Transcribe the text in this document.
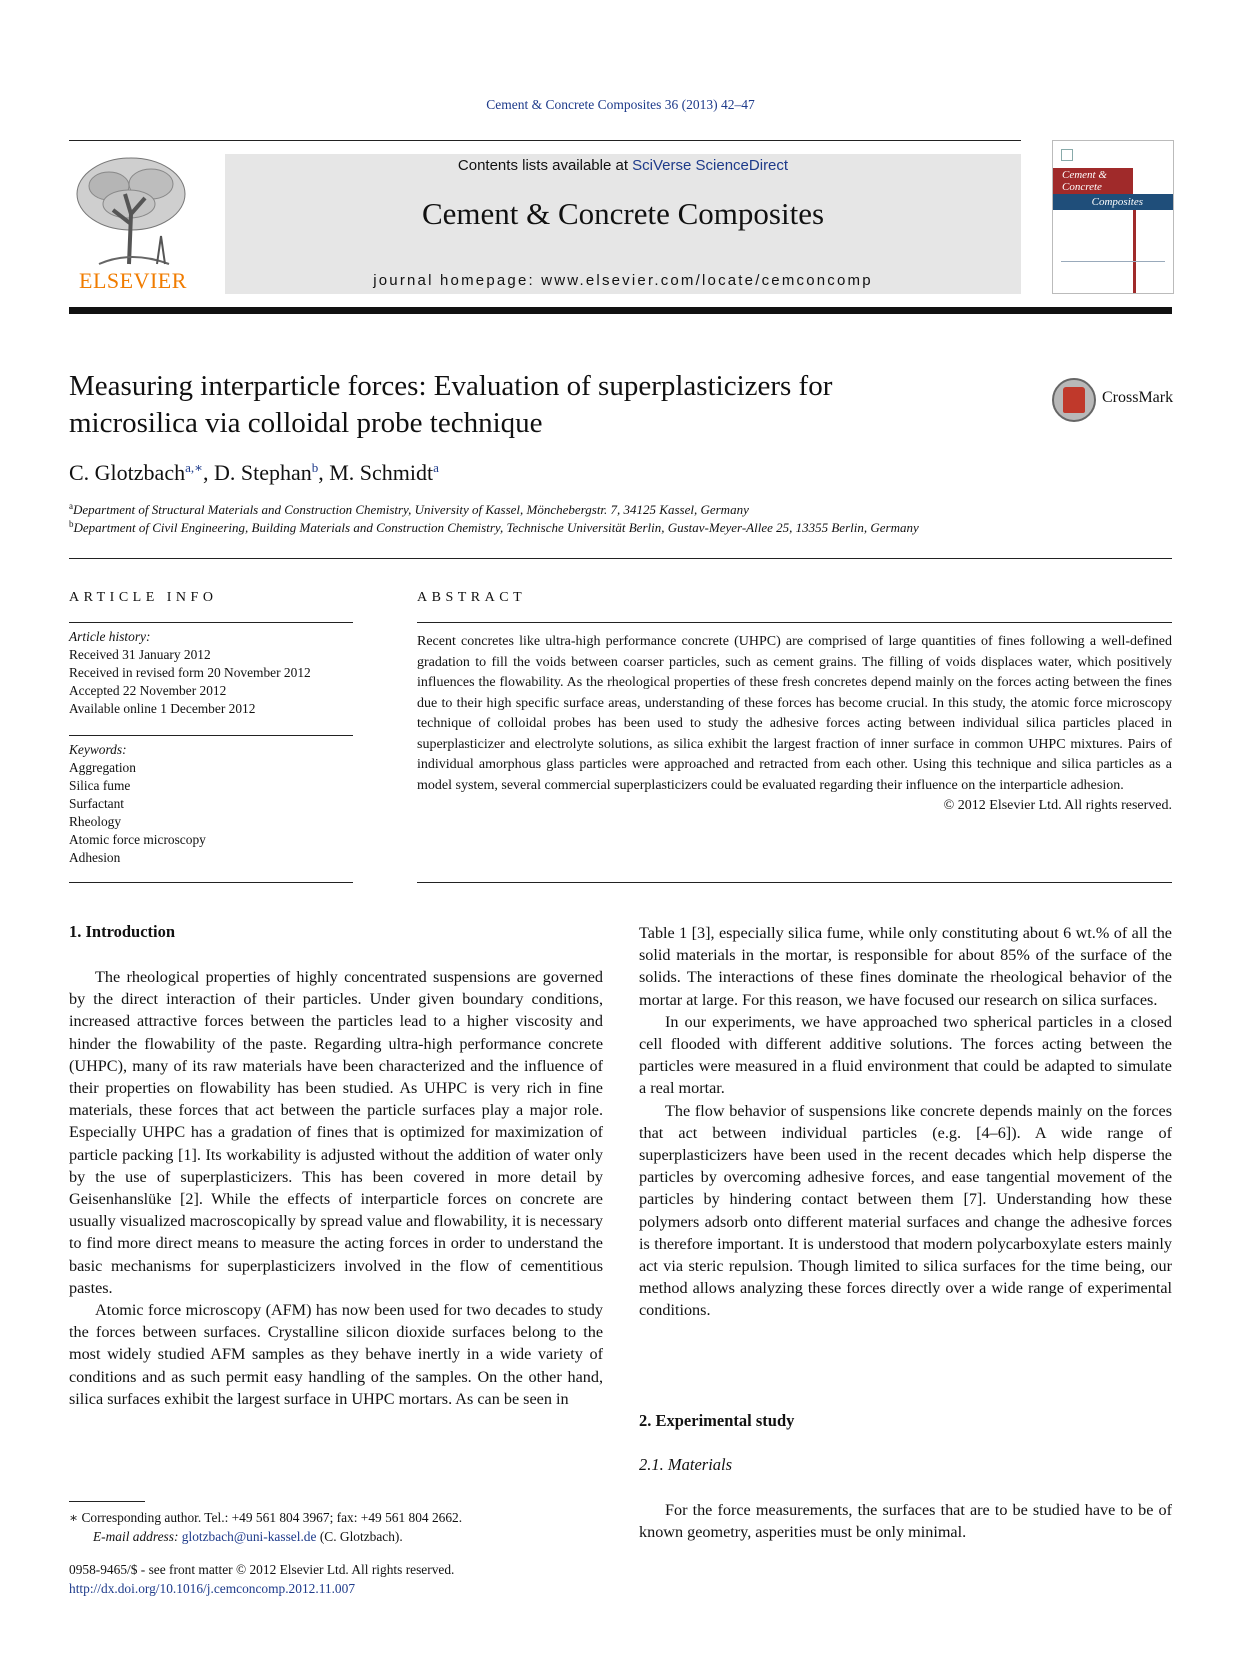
Cement & Concrete Composites 36 (2013) 42–47
ELSEVIER
Contents lists available at SciVerse ScienceDirect
Cement & Concrete Composites
journal homepage: www.elsevier.com/locate/cemconcomp
Cement &
Concrete
Composites
Measuring interparticle forces: Evaluation of superplasticizers for
microsilica via colloidal probe technique
CrossMark
C. Glotzbach$^{a,∗}$, D. Stephan$^b$, M. Schmidt$^a$
$^a$Department of Structural Materials and Construction Chemistry, University of Kassel, Mönchebergstr. 7, 34125 Kassel, Germany
$^b$Department of Civil Engineering, Building Materials and Construction Chemistry, Technische Universität Berlin, Gustav-Meyer-Allee 25, 13355 Berlin, Germany
ARTICLE INFO
Article history:
Received 31 January 2012
Received in revised form 20 November 2012
Accepted 22 November 2012
Available online 1 December 2012
Keywords:
Aggregation
Silica fume
Surfactant
Rheology
Atomic force microscopy
Adhesion
ABSTRACT
Recent concretes like ultra-high performance concrete (UHPC) are comprised of large quantities of fines following a well-defined gradation to fill the voids between coarser particles, such as cement grains. The filling of voids displaces water, which positively influences the flowability. As the rheological properties of these fresh concretes depend mainly on the forces acting between the fines due to their high specific surface areas, understanding of these forces has become crucial. In this study, the atomic force microscopy technique of colloidal probes has been used to study the adhesive forces acting between individual silica particles placed in superplasticizer and electrolyte solutions, as silica exhibit the largest fraction of inner surface in common UHPC mixtures. Pairs of individual amorphous glass particles were approached and retracted from each other. Using this technique and silica particles as a model system, several commercial superplasticizers could be evaluated regarding their influence on the interparticle adhesion.
© 2012 Elsevier Ltd. All rights reserved.
1. Introduction

The rheological properties of highly concentrated suspensions are governed by the direct interaction of their particles. Under given boundary conditions, increased attractive forces between the particles lead to a higher viscosity and hinder the flowability of the paste. Regarding ultra-high performance concrete (UHPC), many of its raw materials have been characterized and the influence of their properties on flowability has been studied. As UHPC is very rich in fine materials, these forces that act between the particle surfaces play a major role. Especially UHPC has a gradation of fines that is optimized for maximization of particle packing [1]. Its workability is adjusted without the addition of water only by the use of superplasticizers. This has been covered in more detail by Geisenhanslüke [2]. While the effects of interparticle forces on concrete are usually visualized macroscopically by spread value and flowability, it is necessary to find more direct means to measure the acting forces in order to understand the basic mechanisms for superplasticizers involved in the flow of cementitious pastes.

Atomic force microscopy (AFM) has now been used for two decades to study the forces between surfaces. Crystalline silicon dioxide surfaces belong to the most widely studied AFM samples as they behave inertly in a wide variety of conditions and as such permit easy handling of the samples. On the other hand, silica surfaces exhibit the largest surface in UHPC mortars. As can be seen in

Table 1 [3], especially silica fume, while only constituting about 6 wt.% of all the solid materials in the mortar, is responsible for about 85% of the surface of the solids. The interactions of these fines dominate the rheological behavior of the mortar at large. For this reason, we have focused our research on silica surfaces.

In our experiments, we have approached two spherical particles in a closed cell flooded with different additive solutions. The forces acting between the particles were measured in a fluid environment that could be adapted to simulate a real mortar.

The flow behavior of suspensions like concrete depends mainly on the forces that act between individual particles (e.g. [4–6]). A wide range of superplasticizers have been used in the recent decades which help disperse the particles by overcoming adhesive forces, and ease tangential movement of the particles by hindering contact between them [7]. Understanding how these polymers adsorb onto different material surfaces and change the adhesive forces is therefore important. It is understood that modern polycarboxylate esters mainly act via steric repulsion. Though limited to silica surfaces for the time being, our method allows analyzing these forces directly over a wide range of experimental conditions.

2. Experimental study
2.1. Materials

For the force measurements, the surfaces that are to be studied have to be of known geometry, asperities must be only minimal.

∗ Corresponding author. Tel.: +49 561 804 3967; fax: +49 561 804 2662.
E-mail address: glotzbach@uni-kassel.de (C. Glotzbach).
0958-9465/$ - see front matter © 2012 Elsevier Ltd. All rights reserved.
http://dx.doi.org/10.1016/j.cemconcomp.2012.11.007
